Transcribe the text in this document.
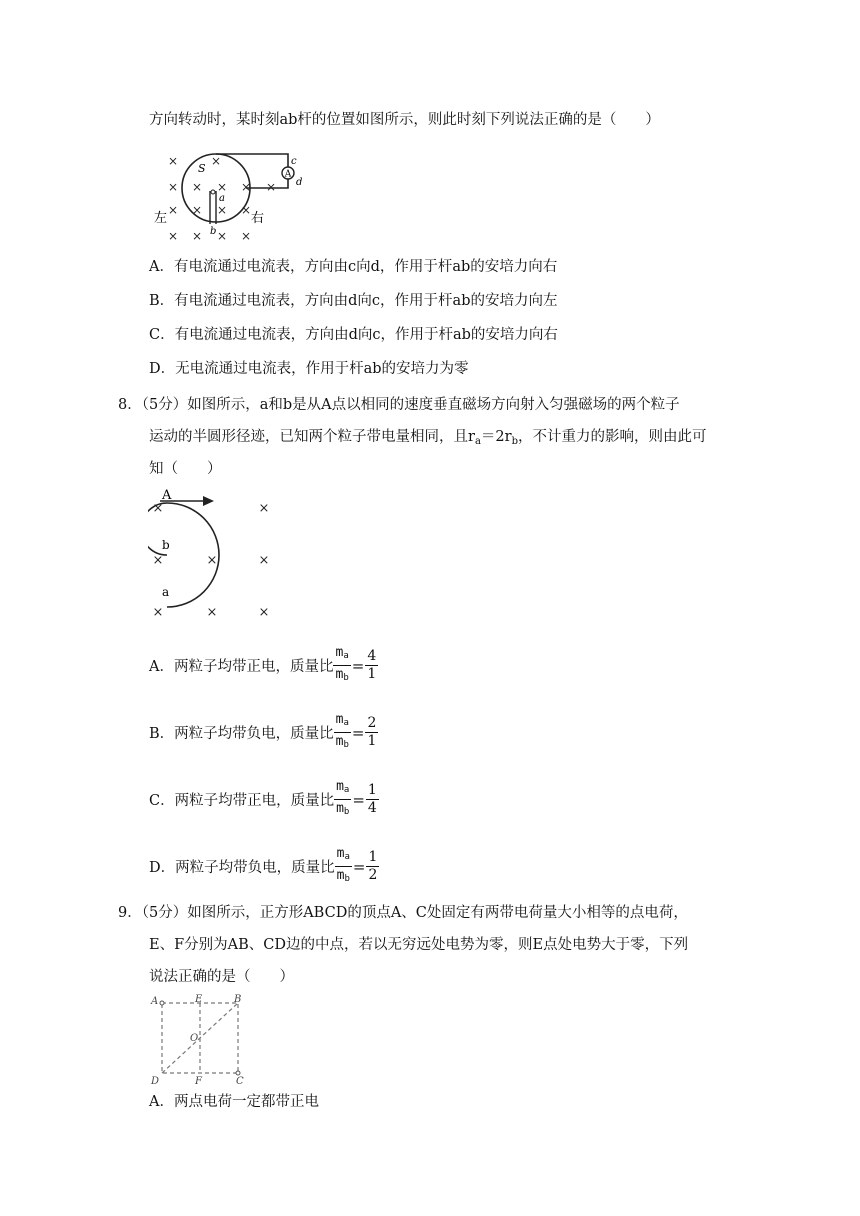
方向转动时，某时刻ab杆的位置如图所示，则此时刻下列说法正确的是（　　）
×	×
× × × × ×
× × × ×
× × × ×
A
c
d
S
a
b
左	右
A．有电流通过电流表，方向由c向d，作用于杆ab的安培力向右
B．有电流通过电流表，方向由d向c，作用于杆ab的安培力向左
C．有电流通过电流表，方向由d向c，作用于杆ab的安培力向右
D．无电流通过电流表，作用于杆ab的安培力为零
8．（5分）如图所示，a和b是从A点以相同的速度垂直磁场方向射入匀强磁场的两个粒子
运动的半圆形径迹，已知两个粒子带电量相同，且$r_a=2r_b$，不计重力的影响，则由此可
知（　　）
×	×
×	×	×
×	×	×
A
b
a
A．两粒子均带正电，质量比 $\frac{ma}{mb} = \frac{4}{1}$
B．两粒子均带负电，质量比 $\frac{ma}{mb} = \frac{2}{1}$
C．两粒子均带正电，质量比 $\frac{ma}{mb} = \frac{1}{4}$
D．两粒子均带负电，质量比 $\frac{ma}{mb} = \frac{1}{2}$
9．（5分）如图所示，正方形ABCD的顶点A、C处固定有两带电荷量大小相等的点电荷，
E、F分别为AB、CD边的中点，若以无穷远处电势为零，则E点处电势大于零，下列
说法正确的是（　　）
A	E	B
O
D	F	C
A．两点电荷一定都带正电
